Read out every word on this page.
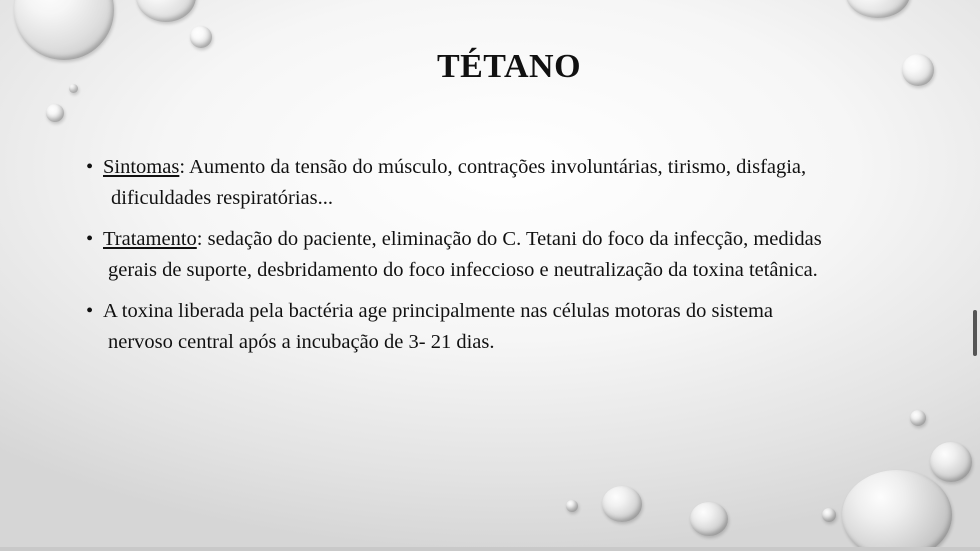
TÉTANO
• Sintomas: Aumento da tensão do músculo, contrações involuntárias, tirismo, disfagia,
dificuldades respiratórias...
• Tratamento: sedação do paciente, eliminação do C. Tetani do foco da infecção, medidas
gerais de suporte, desbridamento do foco infeccioso e neutralização da toxina tetânica.
• A toxina liberada pela bactéria age principalmente nas células motoras do sistema
nervoso central após a incubação de 3- 21 dias.
